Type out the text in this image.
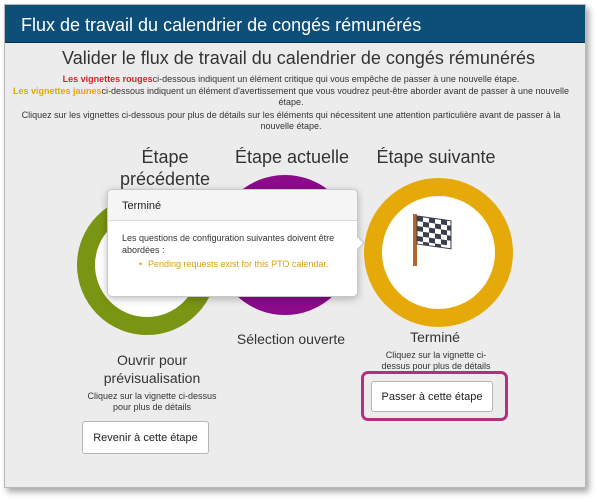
Flux de travail du calendrier de congés rémunérés
Valider le flux de travail du calendrier de congés rémunérés
Les vignettes rougesci-dessous indiquent un élément critique qui vous empêche de passer à une nouvelle étape.
Les vignettes jaunesci-dessous indiquent un élément d'avertissement que vous voudrez peut-être aborder avant de passer à une nouvelle étape.
Cliquez sur les vignettes ci-dessous pour plus de détails sur les éléments qui nécessitent une attention particulière avant de passer à la nouvelle étape.
Étape précédente
Étape actuelle	Étape suivante
Terminé
Les questions de configuration suivantes doivent être abordées :
• Pending requests exist for this PTO calendar.
Sélection ouverte	Terminé
Cliquez sur la vignette ci-dessus pour plus de détails
Ouvrir pour prévisualisation
Cliquez sur la vignette ci-dessus pour plus de détails
Revenir à cette étape
Passer à cette étape
